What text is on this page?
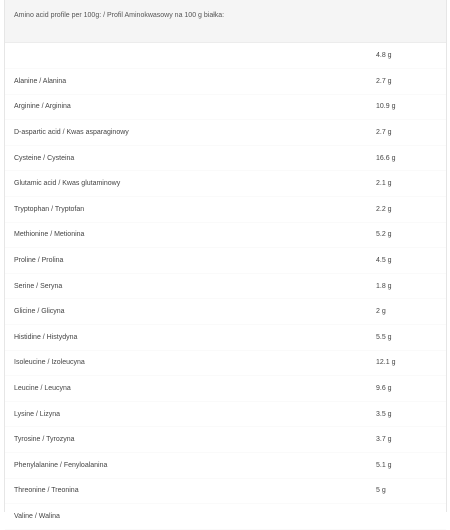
Amino acid profile per 100g: / Profil Aminokwasowy na 100 g białka:
	4.8 g
Alanine / Alanina	2.7 g
Arginine / Arginina	10.9 g
D-aspartic acid / Kwas asparaginowy	2.7 g
Cysteine / Cysteina	16.6 g
Glutamic acid / Kwas glutaminowy	2.1 g
Tryptophan / Tryptofan	2.2 g
Methionine / Metionina	5.2 g
Proline / Prolina	4.5 g
Serine / Seryna	1.8 g
Glicine / Glicyna	2 g
Histidine / Histydyna	5.5 g
Isoleucine / Izoleucyna	12.1 g
Leucine / Leucyna	9.6 g
Lysine / Lizyna	3.5 g
Tyrosine / Tyrozyna	3.7 g
Phenylalanine / Fenyloalanina	5.1 g
Threonine / Treonina	5 g
Valine / Walina	
